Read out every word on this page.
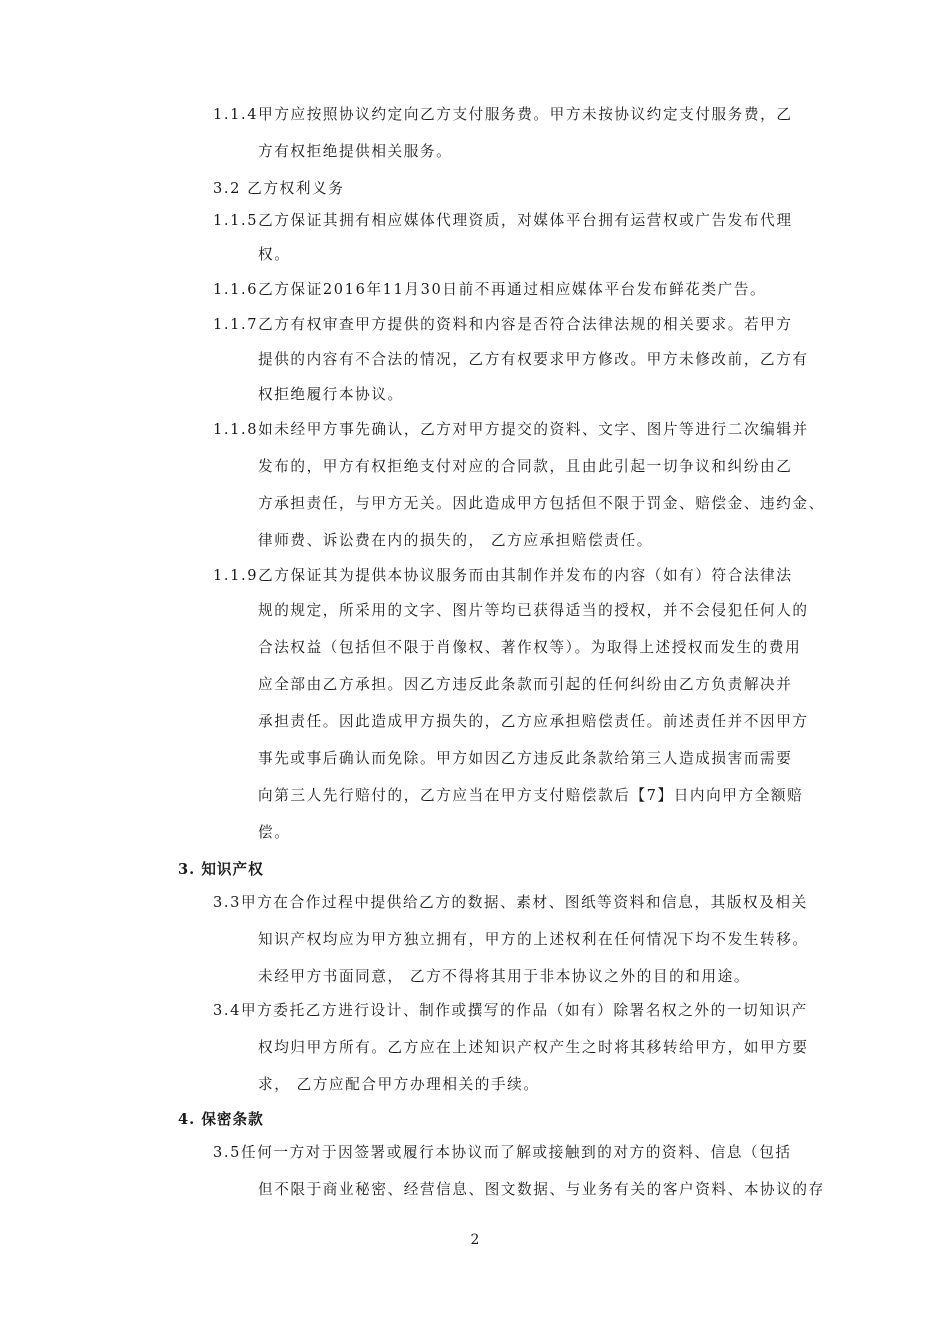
1.1.4甲方应按照协议约定向乙方支付服务费。甲方未按协议约定支付服务费，乙
方有权拒绝提供相关服务。
3.2 乙方权利义务
1.1.5乙方保证其拥有相应媒体代理资质，对媒体平台拥有运营权或广告发布代理
权。
1.1.6乙方保证2016年11月30日前不再通过相应媒体平台发布鲜花类广告。
1.1.7乙方有权审查甲方提供的资料和内容是否符合法律法规的相关要求。若甲方
提供的内容有不合法的情况，乙方有权要求甲方修改。甲方未修改前，乙方有
权拒绝履行本协议。
1.1.8如未经甲方事先确认，乙方对甲方提交的资料、文字、图片等进行二次编辑并
发布的，甲方有权拒绝支付对应的合同款，且由此引起一切争议和纠纷由乙
方承担责任，与甲方无关。因此造成甲方包括但不限于罚金、赔偿金、违约金、
律师费、诉讼费在内的损失的， 乙方应承担赔偿责任。
1.1.9乙方保证其为提供本协议服务而由其制作并发布的内容（如有）符合法律法
规的规定，所采用的文字、图片等均已获得适当的授权，并不会侵犯任何人的
合法权益（包括但不限于肖像权、著作权等）。为取得上述授权而发生的费用
应全部由乙方承担。因乙方违反此条款而引起的任何纠纷由乙方负责解决并
承担责任。因此造成甲方损失的，乙方应承担赔偿责任。前述责任并不因甲方
事先或事后确认而免除。甲方如因乙方违反此条款给第三人造成损害而需要
向第三人先行赔付的，乙方应当在甲方支付赔偿款后【7】日内向甲方全额赔
偿。
3. 知识产权
3.3甲方在合作过程中提供给乙方的数据、素材、图纸等资料和信息，其版权及相关
知识产权均应为甲方独立拥有，甲方的上述权利在任何情况下均不发生转移。
未经甲方书面同意， 乙方不得将其用于非本协议之外的目的和用途。
3.4甲方委托乙方进行设计、制作或撰写的作品（如有）除署名权之外的一切知识产
权均归甲方所有。乙方应在上述知识产权产生之时将其移转给甲方，如甲方要
求， 乙方应配合甲方办理相关的手续。
4. 保密条款
3.5任何一方对于因签署或履行本协议而了解或接触到的对方的资料、信息（包括
但不限于商业秘密、经营信息、图文数据、与业务有关的客户资料、本协议的存
2
